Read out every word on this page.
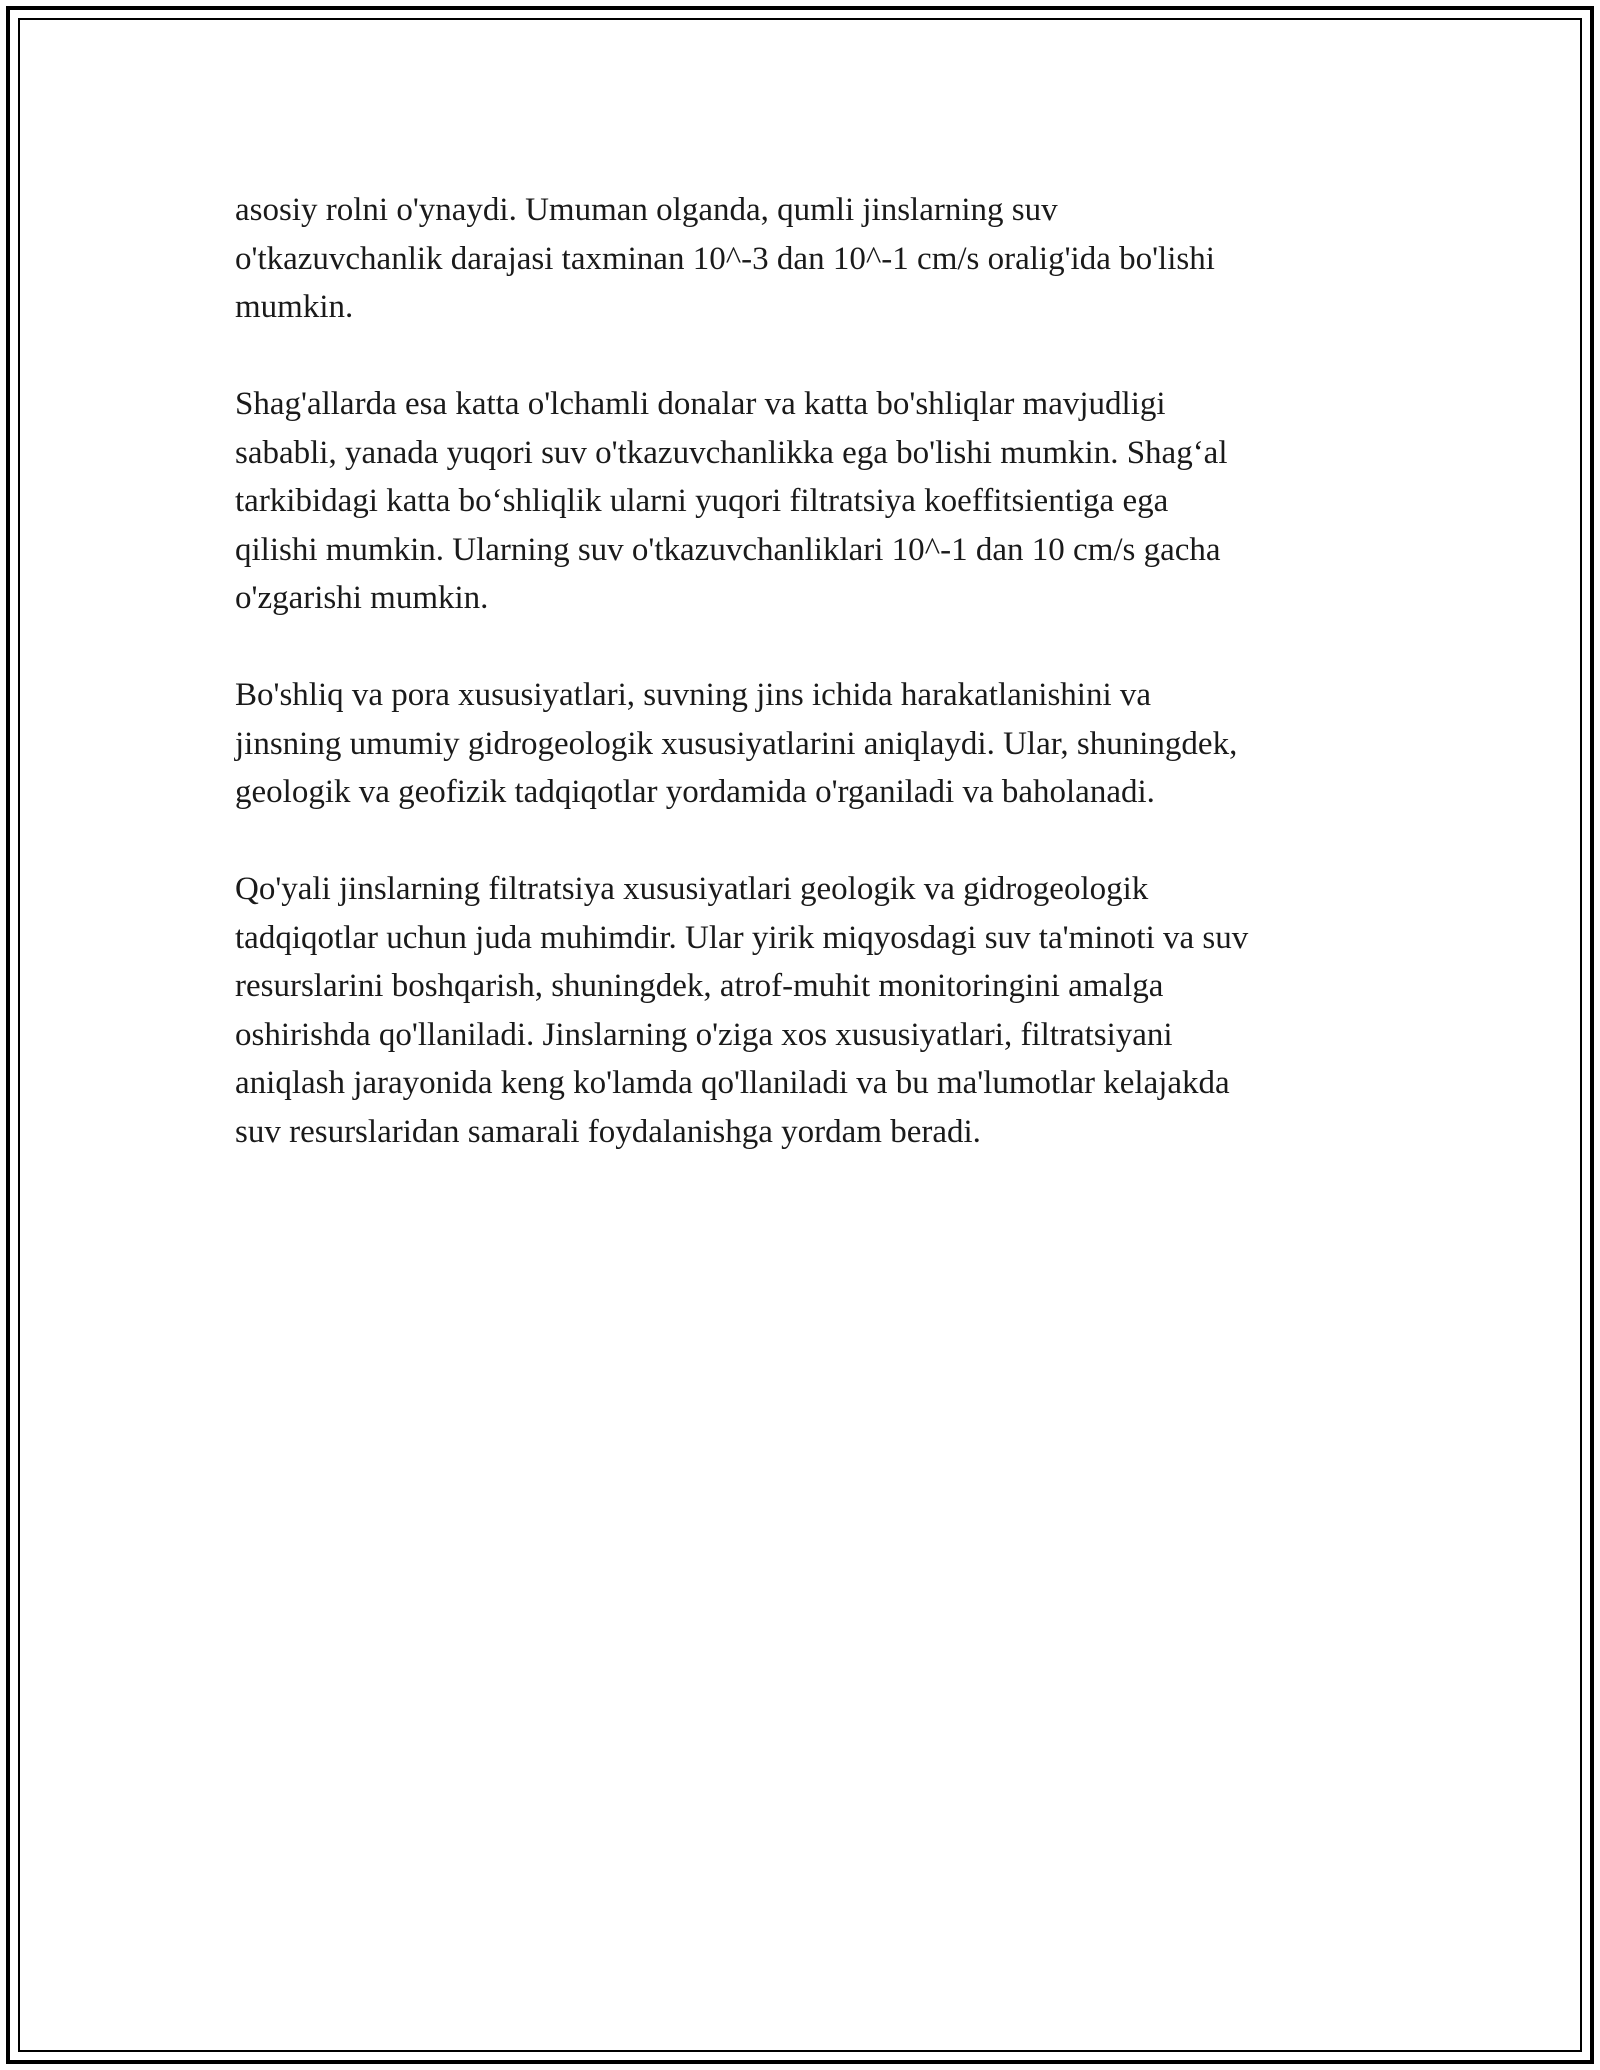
asosiy rolni o'ynaydi. Umuman olganda, qumli jinslarning suv
o'tkazuvchanlik darajasi taxminan 10^-3 dan 10^-1 cm/s oralig'ida bo'lishi
mumkin.

Shag'allarda esa katta o'lchamli donalar va katta bo'shliqlar mavjudligi
sababli, yanada yuqori suv o'tkazuvchanlikka ega bo'lishi mumkin. Shag‘al
tarkibidagi katta bo‘shliqlik ularni yuqori filtratsiya koeffitsientiga ega
qilishi mumkin. Ularning suv o'tkazuvchanliklari 10^-1 dan 10 cm/s gacha
o'zgarishi mumkin.

Bo'shliq va pora xususiyatlari, suvning jins ichida harakatlanishini va
jinsning umumiy gidrogeologik xususiyatlarini aniqlaydi. Ular, shuningdek,
geologik va geofizik tadqiqotlar yordamida o'rganiladi va baholanadi.

Qo'yali jinslarning filtratsiya xususiyatlari geologik va gidrogeologik
tadqiqotlar uchun juda muhimdir. Ular yirik miqyosdagi suv ta'minoti va suv
resurslarini boshqarish, shuningdek, atrof-muhit monitoringini amalga
oshirishda qo'llaniladi. Jinslarning o'ziga xos xususiyatlari, filtratsiyani
aniqlash jarayonida keng ko'lamda qo'llaniladi va bu ma'lumotlar kelajakda
suv resurslaridan samarali foydalanishga yordam beradi.
